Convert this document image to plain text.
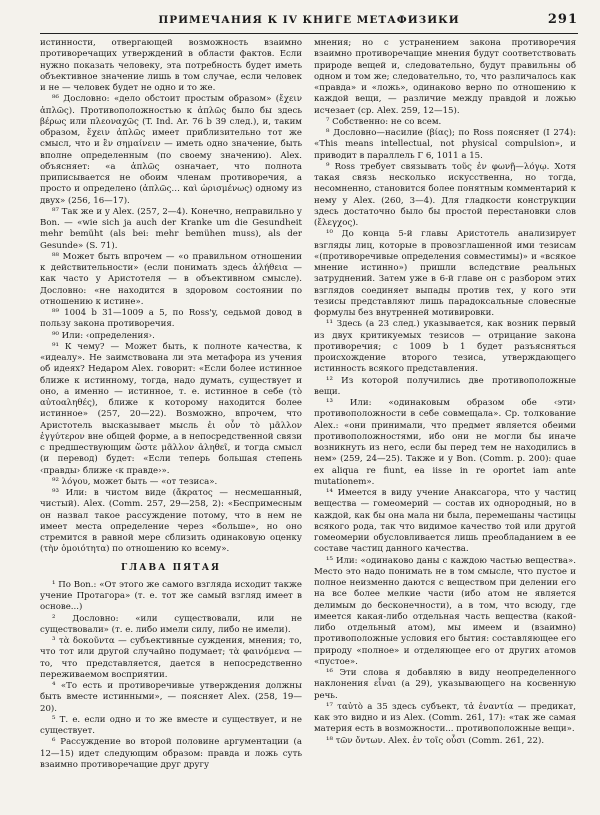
ПРИМЕЧАНИЯ К IV КНИГЕ МЕТАФИЗИКИ	291

истинности, отвергающей возможность взаимно противоречащих утверждений в области фактов. Если нужно показать человеку, эта потребность будет иметь объективное значение лишь в том случае, если человек и не — человек будет не одно и то же.

⁸⁶ Дословно: «дело обстоит простым образом» (ἔχειν ἁπλῶς). Противоположностью к ἁπλῶς было бы здесь βέρως или πλεοναχῶς (T. Ind. Ar. 76 b 39 след.), и, таким образом, ἔχειν ἁπλῶς имеет приблизительно тот же смысл, что и ἓν σημαίνειν — иметь одно значение, быть вполне определенным (по своему значению). Alex. объясняет: «а ἁπλῶς означает, что полнота приписывается не обоим членам противоречия, а просто и определено (ἁπλῶς… καὶ ὡρισμένως) одному из двух» (256, 16—17).

⁸⁷ Так же и у Alex. (257, 2—4). Конечно, неправильно у Bon. — «wie sich ja auch der Kranke um die Gesundheit mehr bemüht (als bei: mehr bemühen muss), als der Gesunde» (S. 71).

⁸⁸ Может быть впрочем — «о правильном отношении к действительности» (если понимать здесь ἀλήθεια — как часто у Аристотеля — в объективном смысле). Дословно: «не находится в здоровом состоянии по отношению к истине».

⁸⁹ 1004 b 31—1009 a 5, по Ross'y, седьмой довод в пользу закона противоречия.

⁹⁰ Или: ‹определения›.

⁹¹ К чему? — Может быть, к полноте качества, к «идеалу». Не заимствована ли эта метафора из учения об идеях? Недаром Alex. говорит: «Если более истинное ближе к истинному, тогда, надо думать, существует и оно, а именно — истинное, т. е. истинное в себе (τὸ αὐτοαληθές), ближе к которому находится более истинное» (257, 20—22). Возможно, впрочем, что Аристотель высказывает мысль ἐι οὖν τὸ μᾶλλον ἐγγύτερον вне общей форме, а в непосредственной связи с предшествующим ὥστε μᾶλλον ἀληθεῖ, и тогда смысл (и перевод) будет: «Если теперь большая степень ‹правды› ближе ‹к правде›».

⁹² λόγου, может быть — «от тезиса».

⁹³ Или: в чистом виде (ἄκρατος — несмешанный, чистый). Alex. (Comm. 257, 29—258, 2): «Беспримесным он назвал такое рассуждение потому, что в нем не имеет места определение через «больше», но оно стремится в равной мере сблизить одинаковую оценку (τὴν ὁμοιότητα) по отношению ко всему».

ГЛАВА ПЯТАЯ

¹ По Bon.: «От этого же самого взгляда исходит также учение Протагора» (т. е. тот же самый взгляд имеет в основе...)

² Дословно: «или существовали, или не существовали» (т. е. либо имели силу, либо не имели).

³ τὰ δοκοῦντα — субъективные суждения, мнения; то, что тот или другой случайно подумает; τὰ φαινόμενα — то, что представляется, дается в непосредственно переживаемом восприятии.

⁴ «То есть и противоречивые утверждения должны быть вместе истинными», — поясняет Alex. (258, 19—20).

⁵ Т. е. если одно и то же вместе и существует, и не существует.

⁶ Рассуждение во второй половине аргументации (а 12—15) идет следующим образом: правда и ложь суть взаимно противоречащие друг другу

мнения; но с устранением закона противоречия взаимно противоречащие мнения будут соответствовать природе вещей и, следовательно, будут правильны об одном и том же; следовательно, то, что различалось как «правда» и «ложь», одинаково верно по отношению к каждой вещи, — различие между правдой и ложью исчезает (ср. Alex. 259, 12—15).

⁷ Собственно: не со всем.

⁸ Дословно—насилие (βίας); по Ross поясняет (I 274): «This means intellectual, not physical compulsion», и приводит в параллель Г 6, 1011 a 15.

⁹ Ross требует связывать τοῦς ἐν φωνῇ—λόγῳ. Хотя такая связь несколько искусственна, но тогда, несомненно, становится более понятным комментарий к нему у Alex. (260, 3—4). Для гладкости конструкции здесь достаточно было бы простой перестановки слов (ἔλεγχος).

¹⁰ До конца 5-й главы Аристотель анализирует взгляды лиц, которые в провозглашенной ими тезисам «(противоречивые определения совместимы)» и «всякое мнение истинно») пришли вследствие реальных затруднений. Затем уже в 6-й главе он с разбором этих взглядов соединяет выпады против тех, у кого эти тезисы представляют лишь парадоксальные словесные формулы без внутренней мотивировки.

¹¹ Здесь (а 23 след.) указывается, как возник первый из двух критикуемых тезисов — отрицание закона противоречия; с 1009 b 1 будет разъясняться происхождение второго тезиса, утверждающего истинность всякого представления.

¹² Из которой получились две противоположные вещи.

¹³ Или: «одинаковым образом обе ‹эти› противоположности в себе совмещала». Ср. толкование Alex.: «они принимали, что предмет является обеими противоположностями, ибо они не могли бы иначе возникнуть из него, если бы перед тем не находились в нем» (259, 24—25). Также и у Bon. (Comm. p. 200): quae ex aliqua re fiunt, ea iisse in re oportet iam ante mutationem».

¹⁴ Имеется в виду учение Анаксагора, что у частиц вещества — гомеомерий — состав их однородный, но в каждой, как бы она мала ни была, перемешаны частицы всякого рода, так что видимое качество той или другой гомеомерии обусловливается лишь преобладанием в ее составе частиц данного качества.

¹⁵ Или: «одинаково даны с каждою частью вещества». Место это надо понимать не в том смысле, что пустое и полное неизменно даются с веществом при делении его на все более мелкие части (ибо атом не является делимым до бесконечности), а в том, что всюду, где имеется какая-либо отдельная часть вещества (какой-либо отдельный атом), мы имеем и (взаимно) противоположные условия его бытия: составляющее его природу «полное» и отделяющее его от других атомов «пустое».

¹⁶ Эти слова я добавляю в виду неопределенного наклонения εἶναι (а 29), указывающего на косвенную речь.

¹⁷ ταὐτὸ а 35 здесь субъект, τἀ ἐναντία — предикат, как это видно и из Alex. (Comm. 261, 17): «так же самая материя есть в возможности... противоположные вещи».

¹⁸ τῶν ὄντων. Alex. ἐν τοῖς οὖσι (Comm. 261, 22).
